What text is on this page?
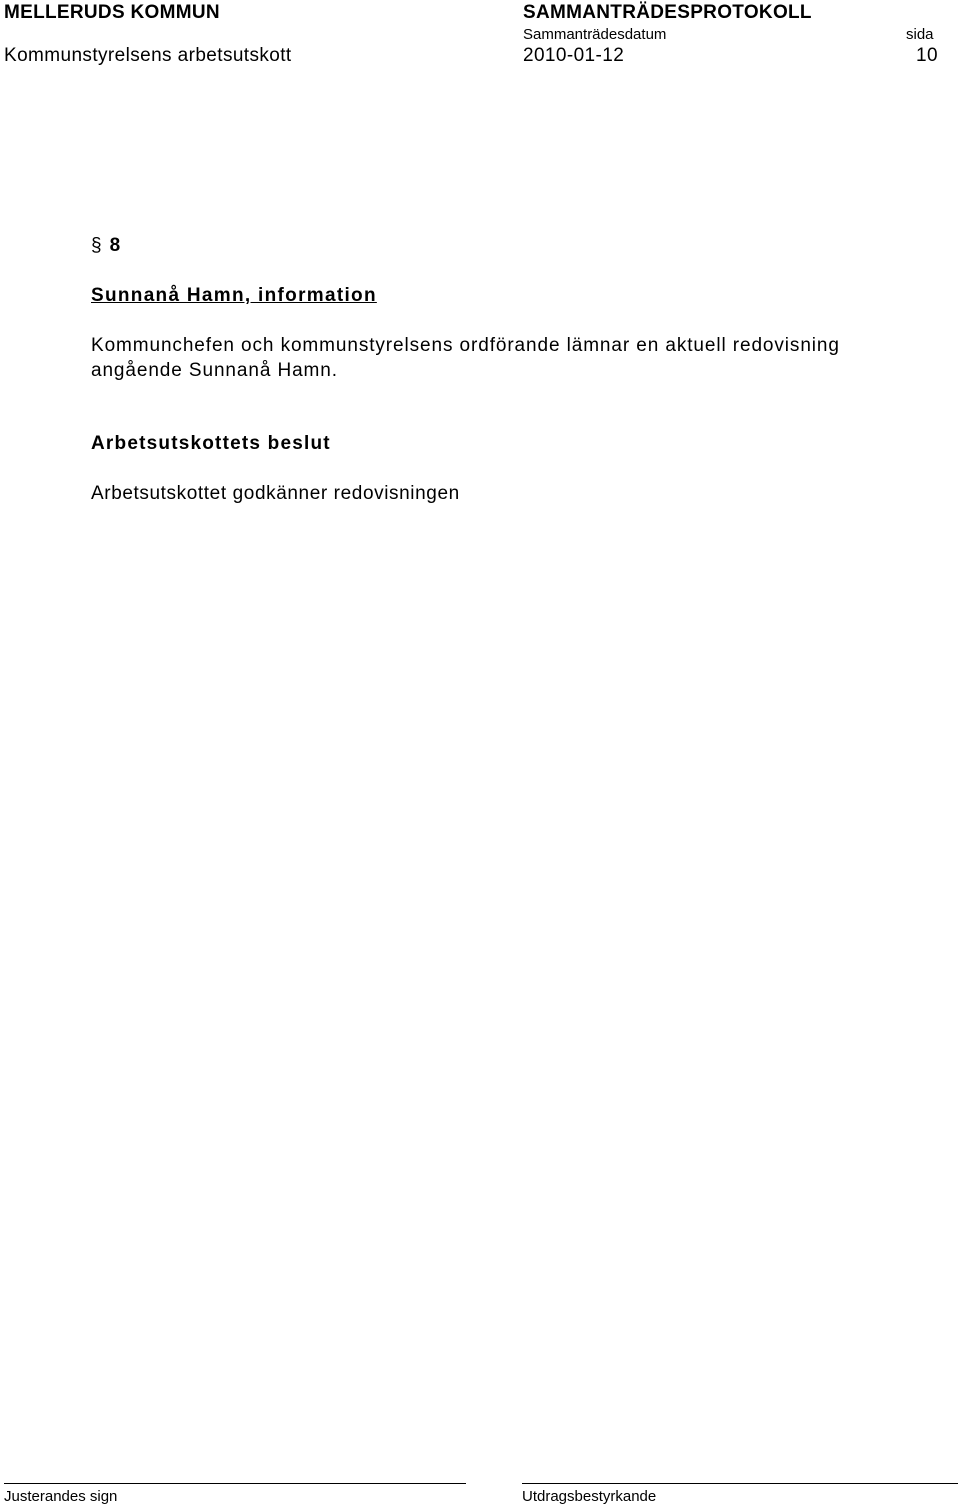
MELLERUDS KOMMUN	SAMMANTRÄDESPROTOKOLL
Kommunstyrelsens arbetsutskott
Sammanträdesdatum
2010-01-12
sida
10
§ 8
Sunnanå Hamn, information
Kommunchefen och kommunstyrelsens ordförande lämnar en aktuell redovisning
angående Sunnanå Hamn.
Arbetsutskottets beslut
Arbetsutskottet godkänner redovisningen
Justerandes sign	Utdragsbestyrkande
